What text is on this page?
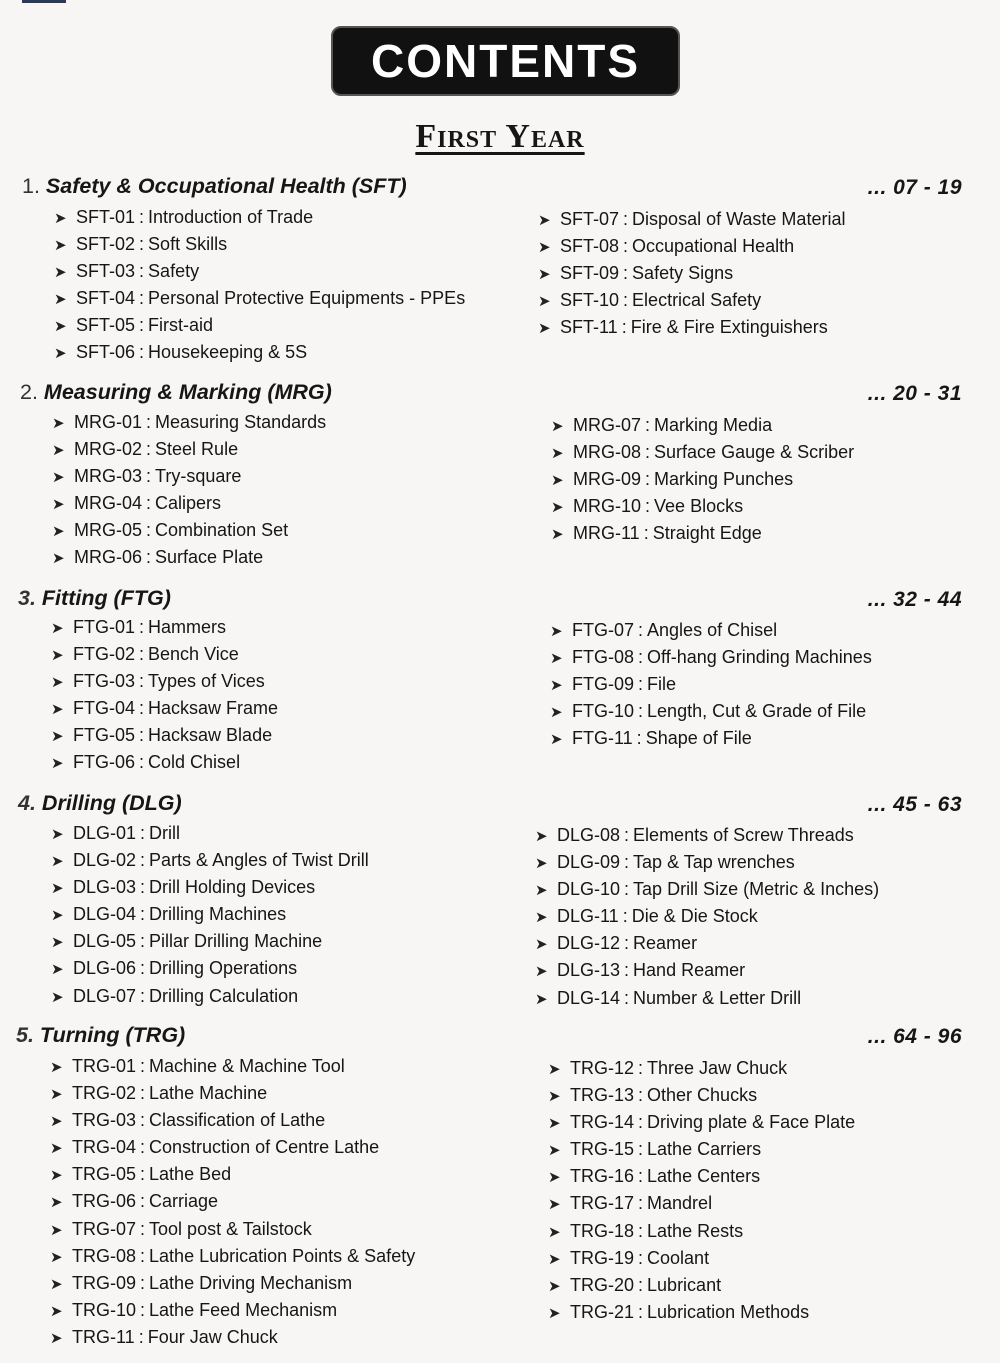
CONTENTS
First Year
1. Safety & Occupational Health (SFT)	... 07 - 19
➤ SFT-01 : Introduction of Trade
➤ SFT-02 : Soft Skills
➤ SFT-03 : Safety
➤ SFT-04 : Personal Protective Equipments - PPEs
➤ SFT-05 : First-aid
➤ SFT-06 : Housekeeping & 5S
➤ SFT-07 : Disposal of Waste Material
➤ SFT-08 : Occupational Health
➤ SFT-09 : Safety Signs
➤ SFT-10 : Electrical Safety
➤ SFT-11 : Fire & Fire Extinguishers
2. Measuring & Marking (MRG)	... 20 - 31
➤ MRG-01 : Measuring Standards
➤ MRG-02 : Steel Rule
➤ MRG-03 : Try-square
➤ MRG-04 : Calipers
➤ MRG-05 : Combination Set
➤ MRG-06 : Surface Plate
➤ MRG-07 : Marking Media
➤ MRG-08 : Surface Gauge & Scriber
➤ MRG-09 : Marking Punches
➤ MRG-10 : Vee Blocks
➤ MRG-11 : Straight Edge
3. Fitting (FTG)	... 32 - 44
➤ FTG-01 : Hammers
➤ FTG-02 : Bench Vice
➤ FTG-03 : Types of Vices
➤ FTG-04 : Hacksaw Frame
➤ FTG-05 : Hacksaw Blade
➤ FTG-06 : Cold Chisel
➤ FTG-07 : Angles of Chisel
➤ FTG-08 : Off-hang Grinding Machines
➤ FTG-09 : File
➤ FTG-10 : Length, Cut & Grade of File
➤ FTG-11 : Shape of File
4. Drilling (DLG)	... 45 - 63
➤ DLG-01 : Drill
➤ DLG-02 : Parts & Angles of Twist Drill
➤ DLG-03 : Drill Holding Devices
➤ DLG-04 : Drilling Machines
➤ DLG-05 : Pillar Drilling Machine
➤ DLG-06 : Drilling Operations
➤ DLG-07 : Drilling Calculation
➤ DLG-08 : Elements of Screw Threads
➤ DLG-09 : Tap & Tap wrenches
➤ DLG-10 : Tap Drill Size (Metric & Inches)
➤ DLG-11 : Die & Die Stock
➤ DLG-12 : Reamer
➤ DLG-13 : Hand Reamer
➤ DLG-14 : Number & Letter Drill
5. Turning (TRG)	... 64 - 96
➤ TRG-01 : Machine & Machine Tool
➤ TRG-02 : Lathe Machine
➤ TRG-03 : Classification of Lathe
➤ TRG-04 : Construction of Centre Lathe
➤ TRG-05 : Lathe Bed
➤ TRG-06 : Carriage
➤ TRG-07 : Tool post & Tailstock
➤ TRG-08 : Lathe Lubrication Points & Safety
➤ TRG-09 : Lathe Driving Mechanism
➤ TRG-10 : Lathe Feed Mechanism
➤ TRG-11 : Four Jaw Chuck
➤ TRG-12 : Three Jaw Chuck
➤ TRG-13 : Other Chucks
➤ TRG-14 : Driving plate & Face Plate
➤ TRG-15 : Lathe Carriers
➤ TRG-16 : Lathe Centers
➤ TRG-17 : Mandrel
➤ TRG-18 : Lathe Rests
➤ TRG-19 : Coolant
➤ TRG-20 : Lubricant
➤ TRG-21 : Lubrication Methods
